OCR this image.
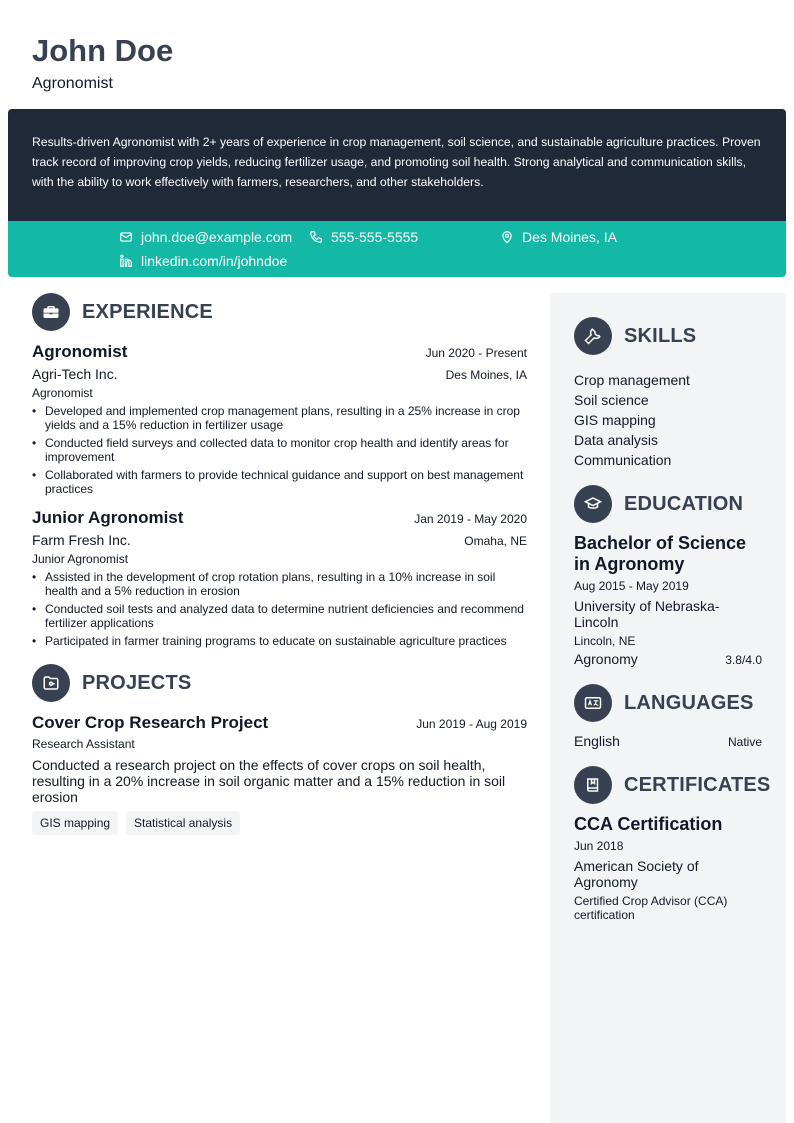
John Doe
Agronomist

Results-driven Agronomist with 2+ years of experience in crop management, soil science, and sustainable agriculture practices. Proven track record of improving crop yields, reducing fertilizer usage, and promoting soil health. Strong analytical and communication skills, with the ability to work effectively with farmers, researchers, and other stakeholders.

john.doe@example.com	555-555-5555	Des Moines, IA
linkedin.com/in/johndoe
EXPERIENCE
Agronomist	Jun 2020 - Present
Agri-Tech Inc.	Des Moines, IA
Agronomist
• Developed and implemented crop management plans, resulting in a 25% increase in crop yields and a 15% reduction in fertilizer usage
• Conducted field surveys and collected data to monitor crop health and identify areas for improvement
• Collaborated with farmers to provide technical guidance and support on best management practices
Junior Agronomist	Jan 2019 - May 2020
Farm Fresh Inc.	Omaha, NE
Junior Agronomist
• Assisted in the development of crop rotation plans, resulting in a 10% increase in soil health and a 5% reduction in erosion
• Conducted soil tests and analyzed data to determine nutrient deficiencies and recommend fertilizer applications
• Participated in farmer training programs to educate on sustainable agriculture practices
PROJECTS
Cover Crop Research Project	Jun 2019 - Aug 2019
Research Assistant
Conducted a research project on the effects of cover crops on soil health, resulting in a 20% increase in soil organic matter and a 15% reduction in soil erosion
GIS mapping	Statistical analysis
SKILLS
Crop management
Soil science
GIS mapping
Data analysis
Communication
EDUCATION
Bachelor of Science in Agronomy
Aug 2015 - May 2019
University of Nebraska-Lincoln
Lincoln, NE
Agronomy	3.8/4.0
LANGUAGES
English	Native
CERTIFICATES
CCA Certification
Jun 2018
American Society of Agronomy
Certified Crop Advisor (CCA) certification
